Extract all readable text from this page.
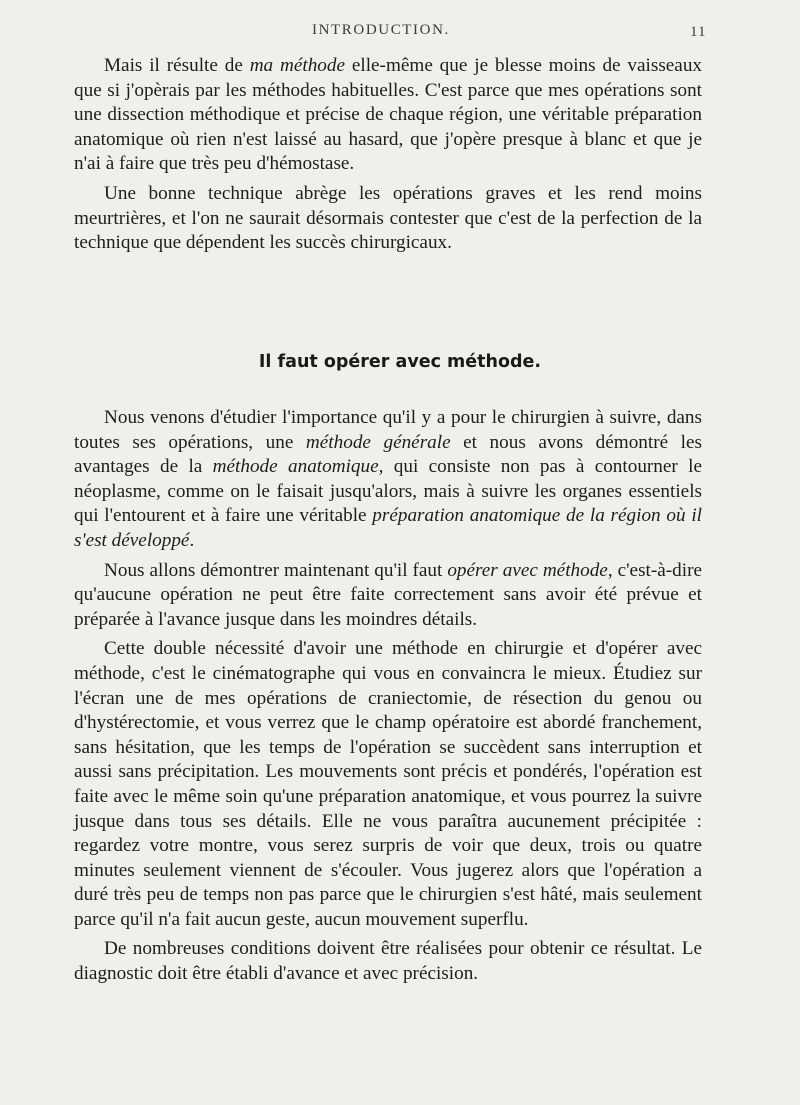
INTRODUCTION.	11

Mais il résulte de ma méthode elle-même que je blesse moins de vaisseaux que si j'opèrais par les méthodes habituelles. C'est parce que mes opérations sont une dissection méthodique et précise de chaque région, une véritable préparation anatomique où rien n'est laissé au hasard, que j'opère presque à blanc et que je n'ai à faire que très peu d'hémostase.

Une bonne technique abrège les opérations graves et les rend moins meurtrières, et l'on ne saurait désormais contester que c'est de la perfection de la technique que dépendent les succès chirurgicaux.

Il faut opérer avec méthode.

Nous venons d'étudier l'importance qu'il y a pour le chirurgien à suivre, dans toutes ses opérations, une méthode générale et nous avons démontré les avantages de la méthode anatomique, qui consiste non pas à contourner le néoplasme, comme on le faisait jusqu'alors, mais à suivre les organes essentiels qui l'entourent et à faire une véritable préparation anatomique de la région où il s'est développé.

Nous allons démontrer maintenant qu'il faut opérer avec méthode, c'est-à-dire qu'aucune opération ne peut être faite correctement sans avoir été prévue et préparée à l'avance jusque dans les moindres détails.

Cette double nécessité d'avoir une méthode en chirurgie et d'opérer avec méthode, c'est le cinématographe qui vous en convaincra le mieux. Étudiez sur l'écran une de mes opérations de craniectomie, de résection du genou ou d'hystérectomie, et vous verrez que le champ opératoire est abordé franchement, sans hésitation, que les temps de l'opération se succèdent sans interruption et aussi sans précipitation. Les mouvements sont précis et pondérés, l'opération est faite avec le même soin qu'une préparation anatomique, et vous pourrez la suivre jusque dans tous ses détails. Elle ne vous paraîtra aucunement précipitée : regardez votre montre, vous serez surpris de voir que deux, trois ou quatre minutes seulement viennent de s'écouler. Vous jugerez alors que l'opération a duré très peu de temps non pas parce que le chirurgien s'est hâté, mais seulement parce qu'il n'a fait aucun geste, aucun mouvement superflu.

De nombreuses conditions doivent être réalisées pour obtenir ce résultat. Le diagnostic doit être établi d'avance et avec précision.
